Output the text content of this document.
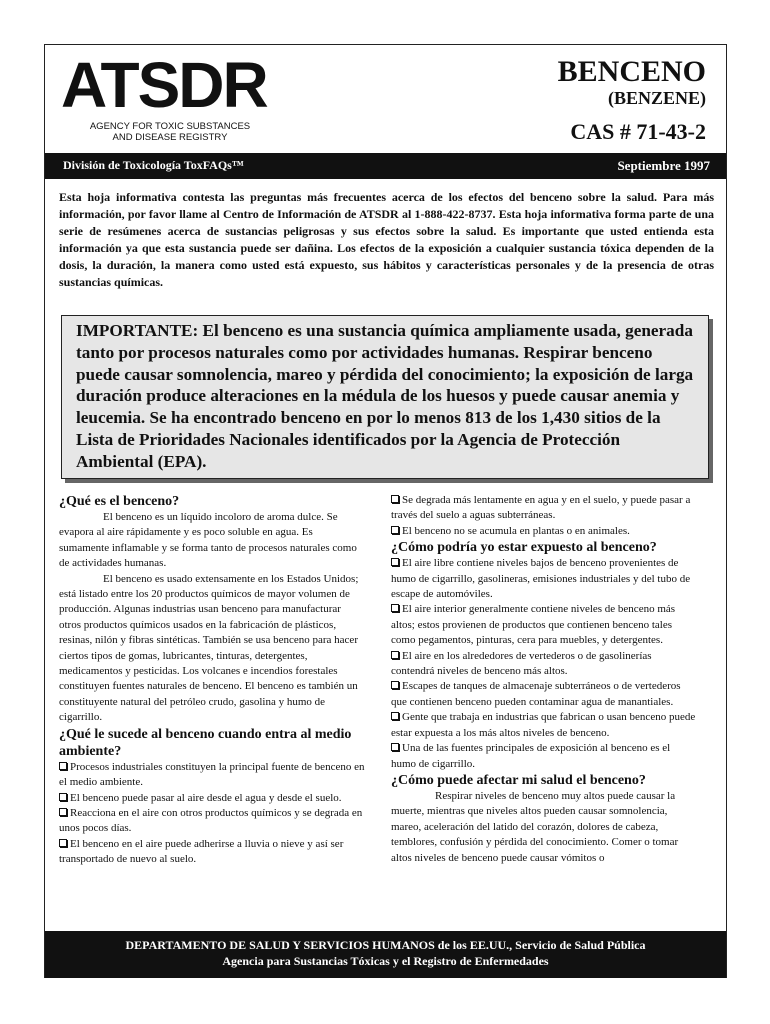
ATSDR
AGENCY FOR TOXIC SUBSTANCES
AND DISEASE REGISTRY
BENCENO
(BENZENE)
CAS # 71-43-2
División de Toxicología ToxFAQs™	Septiembre 1997

Esta hoja informativa contesta las preguntas más frecuentes acerca de los efectos del benceno sobre la salud. Para más información, por favor llame al Centro de Información de ATSDR al 1-888-422-8737. Esta hoja informativa forma parte de una serie de resúmenes acerca de sustancias peligrosas y sus efectos sobre la salud. Es importante que usted entienda esta información ya que esta sustancia puede ser dañina. Los efectos de la exposición a cualquier sustancia tóxica dependen de la dosis, la duración, la manera como usted está expuesto, sus hábitos y características personales y de la presencia de otras sustancias químicas.

IMPORTANTE: El benceno es una sustancia química ampliamente usada, generada tanto por procesos naturales como por actividades humanas. Respirar benceno puede causar somnolencia, mareo y pérdida del conocimiento; la exposición de larga duración produce alteraciones en la médula de los huesos y puede causar anemia y leucemia. Se ha encontrado benceno en por lo menos 813 de los 1,430 sitios de la Lista de Prioridades Nacionales identificados por la Agencia de Protección Ambiental (EPA).
¿Qué es el benceno?

El benceno es un líquido incoloro de aroma dulce. Se evapora al aire rápidamente y es poco soluble en agua. Es sumamente inflamable y se forma tanto de procesos naturales como de actividades humanas.

El benceno es usado extensamente en los Estados Unidos; está listado entre los 20 productos químicos de mayor volumen de producción. Algunas industrias usan benceno para manufacturar otros productos químicos usados en la fabricación de plásticos, resinas, nilón y fibras sintéticas. También se usa benceno para hacer ciertos tipos de gomas, lubricantes, tinturas, detergentes, medicamentos y pesticidas. Los volcanes e incendios forestales constituyen fuentes naturales de benceno. El benceno es también un constituyente natural del petróleo crudo, gasolina y humo de cigarrillo.

¿Qué le sucede al benceno cuando entra al medio ambiente?

Procesos industriales constituyen la principal fuente de benceno en el medio ambiente.

El benceno puede pasar al aire desde el agua y desde el suelo.

Reacciona en el aire con otros productos químicos y se degrada en unos pocos días.

El benceno en el aire puede adherirse a lluvia o nieve y así ser transportado de nuevo al suelo.

Se degrada más lentamente en agua y en el suelo, y puede pasar a través del suelo a aguas subterráneas.

El benceno no se acumula en plantas o en animales.

¿Cómo podría yo estar expuesto al benceno?

El aire libre contiene niveles bajos de benceno provenientes de humo de cigarrillo, gasolineras, emisiones industriales y del tubo de escape de automóviles.

El aire interior generalmente contiene niveles de benceno más altos; estos provienen de productos que contienen benceno tales como pegamentos, pinturas, cera para muebles, y detergentes.

El aire en los alrededores de vertederos o de gasolinerías contendrá niveles de benceno más altos.

Escapes de tanques de almacenaje subterráneos o de vertederos que contienen benceno pueden contaminar agua de manantiales.

Gente que trabaja en industrias que fabrican o usan benceno puede estar expuesta a los más altos niveles de benceno.

Una de las fuentes principales de exposición al benceno es el humo de cigarrillo.

¿Cómo puede afectar mi salud el benceno?

Respirar niveles de benceno muy altos puede causar la muerte, mientras que niveles altos pueden causar somnolencia, mareo, aceleración del latido del corazón, dolores de cabeza, temblores, confusión y pérdida del conocimiento. Comer o tomar altos niveles de benceno puede causar vómitos o

DEPARTAMENTO DE SALUD Y SERVICIOS HUMANOS de los EE.UU., Servicio de Salud Pública
Agencia para Sustancias Tóxicas y el Registro de Enfermedades
